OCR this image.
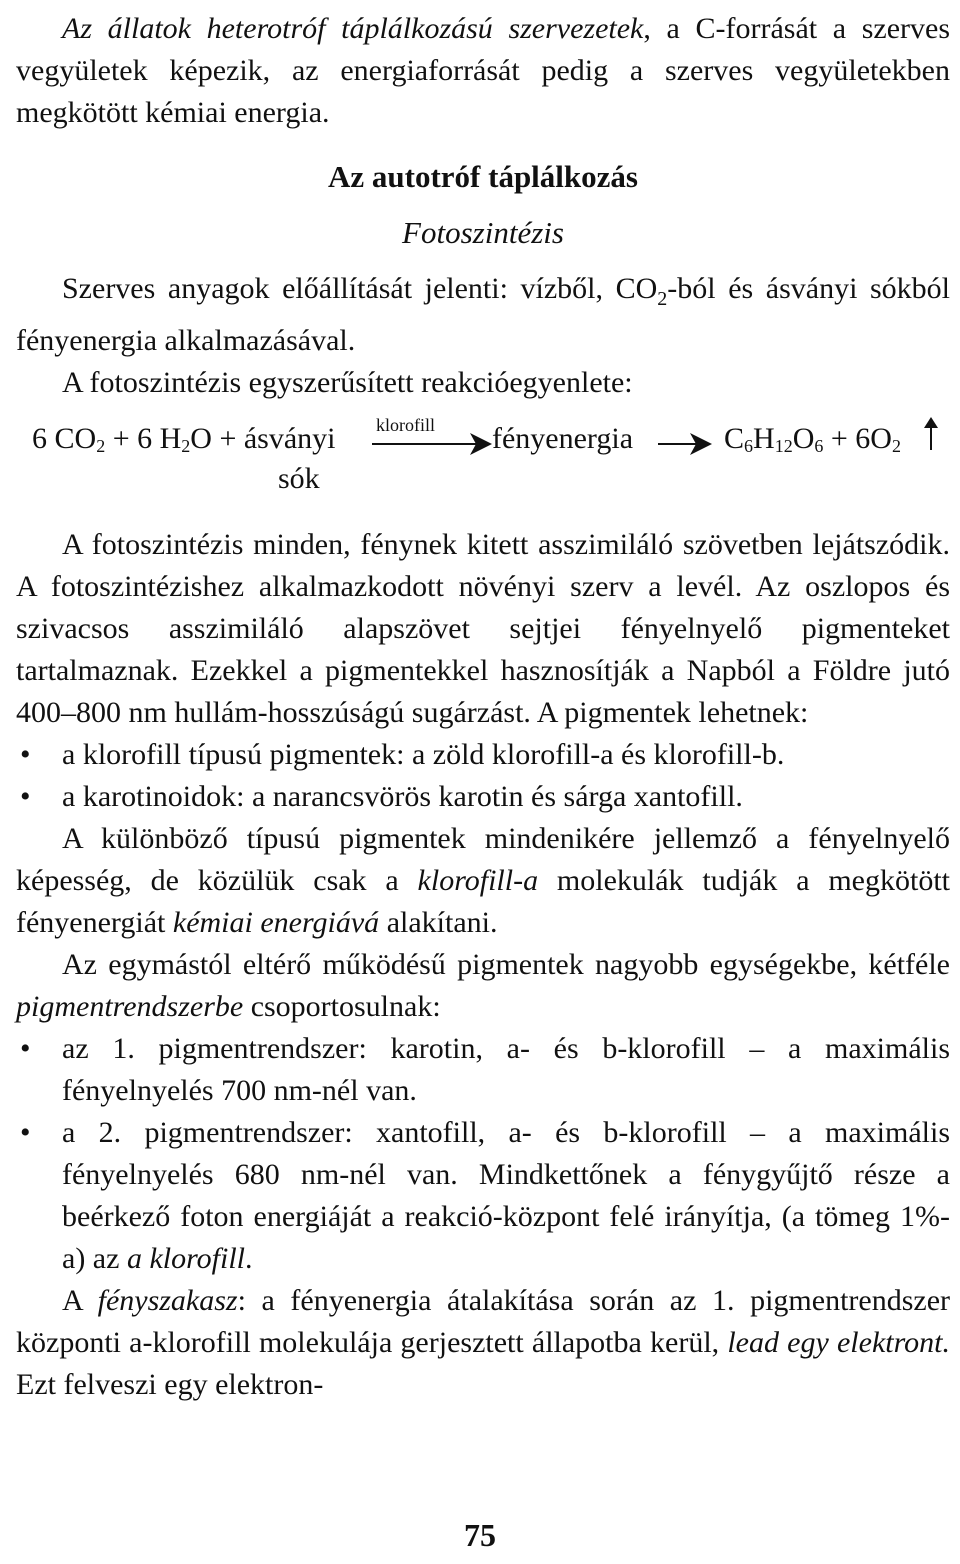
Az állatok heterotróf táplálkozású szervezetek, a C-forrását a szerves vegyületek képezik, az energiaforrását pedig a szerves vegyületekben megkötött kémiai energia.

Az autotróf táplálkozás

Fotoszintézis

Szerves anyagok előállítását jelenti: vízből, $CO_2$-ból és ásványi sókból fényenergia alkalmazásával.

A fotoszintézis egyszerűsített reakcióegyenlete:

6 $CO_2 + 6$ $H_2O$ + ásványi
sók
klorofill fényenergia → $C_6H_{12}O_6 + 6O_2$

A fotoszintézis minden, fénynek kitett asszimiláló szövetben lejátszódik. A fotoszintézishez alkalmazkodott növényi szerv a levél. Az oszlopos és szivacsos asszimiláló alapszövet sejtjei fényelnyelő pigmenteket tartalmaznak. Ezekkel a pigmentekkel hasznosítják a Napból a Földre jutó 400–800 nm hullám-hosszúságú sugárzást. A pigmentek lehetnek:

• a klorofill típusú pigmentek: a zöld klorofill-a és klorofill-b.
• a karotinoidok: a narancsvörös karotin és sárga xantofill.

A különböző típusú pigmentek mindenikére jellemző a fényelnyelő képesség, de közülük csak a klorofill-a molekulák tudják a megkötött fényenergiát kémiai energiává alakítani.

Az egymástól eltérő működésű pigmentek nagyobb egységekbe, kétféle pigmentrendszerbe csoportosulnak:

• az 1. pigmentrendszer: karotin, a- és b-klorofill – a maximális fényelnyelés 700 nm-nél van.
• a 2. pigmentrendszer: xantofill, a- és b-klorofill – a maximális fényelnyelés 680 nm-nél van. Mindkettőnek a fénygyűjtő része a beérkező foton energiáját a reakció-központ felé irányítja, (a tömeg 1%-a) az a klorofill.

A fényszakasz: a fényenergia átalakítása során az 1. pigmentrendszer központi a-klorofill molekulája gerjesztett állapotba kerül, lead egy elektront. Ezt felveszi egy elektron-

75
